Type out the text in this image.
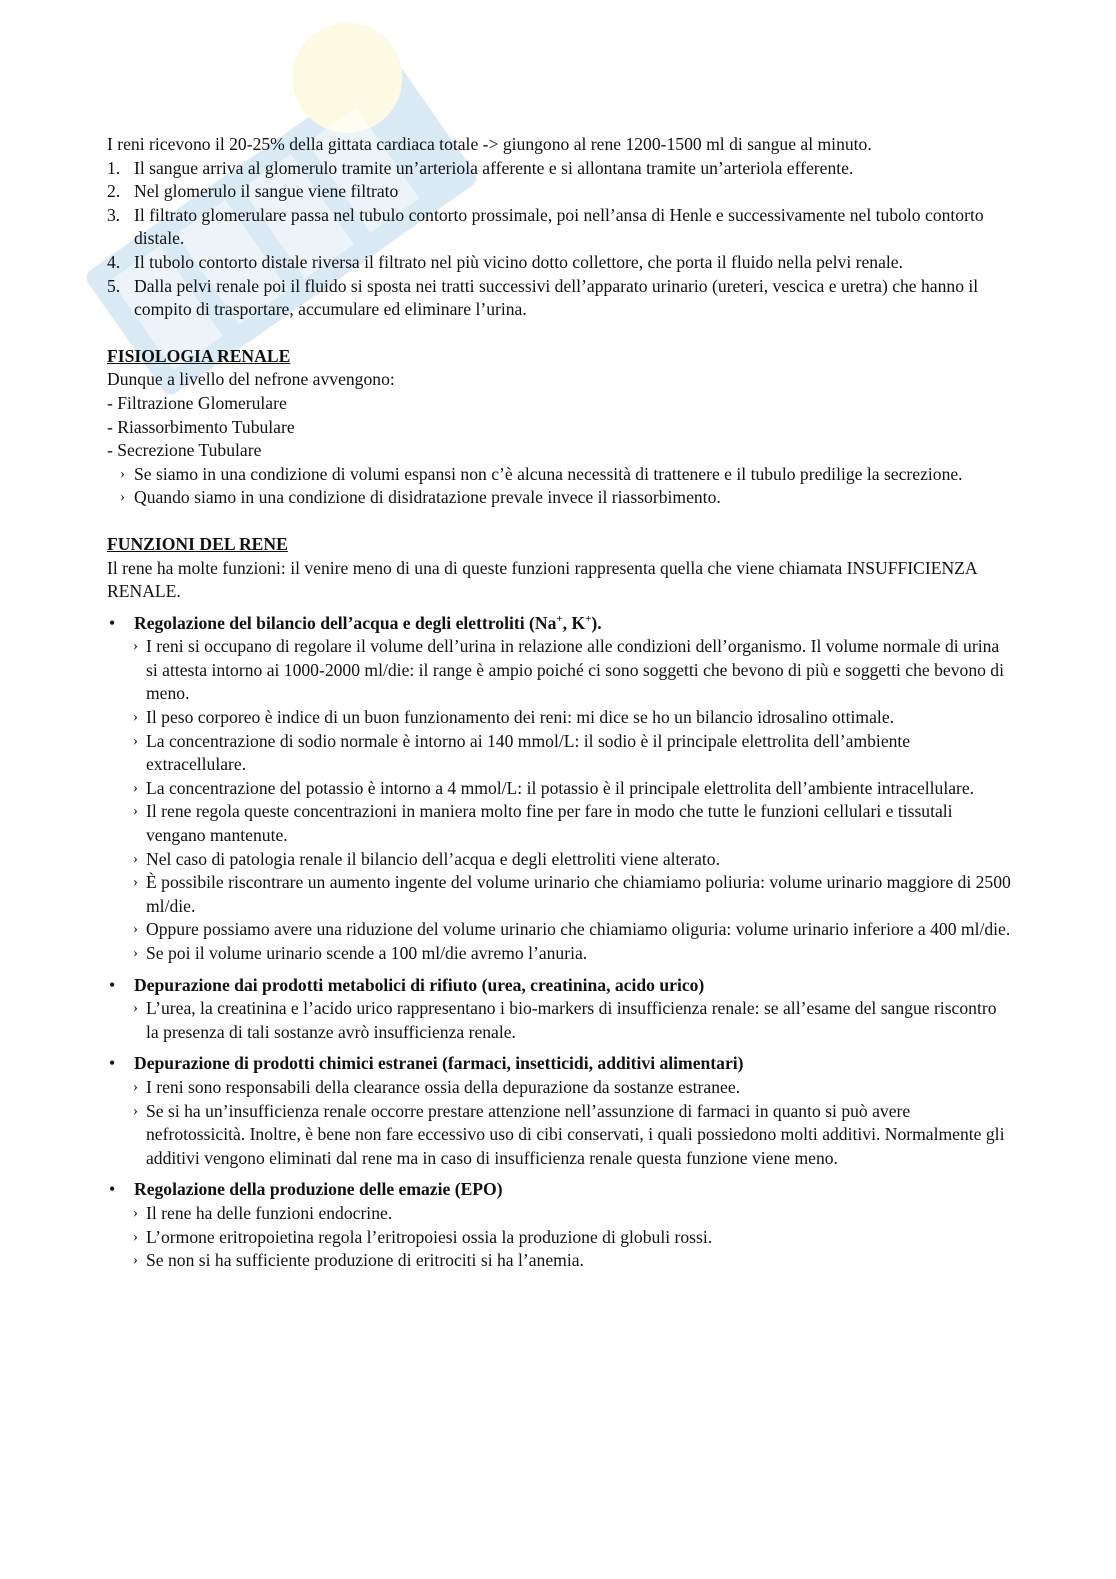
I reni ricevono il 20-25% della gittata cardiaca totale -> giungono al rene 1200-1500 ml di sangue al minuto.

1. Il sangue arriva al glomerulo tramite un’arteriola afferente e si allontana tramite un’arteriola efferente.
2. Nel glomerulo il sangue viene filtrato
3. Il filtrato glomerulare passa nel tubulo contorto prossimale, poi nell’ansa di Henle e successivamente nel tubolo contorto distale.
4. Il tubolo contorto distale riversa il filtrato nel più vicino dotto collettore, che porta il fluido nella pelvi renale.
5. Dalla pelvi renale poi il fluido si sposta nei tratti successivi dell’apparato urinario (ureteri, vescica e uretra) che hanno il compito di trasportare, accumulare ed eliminare l’urina.
FISIOLOGIA RENALE

Dunque a livello del nefrone avvengono:

- Filtrazione Glomerulare
- Riassorbimento Tubulare
- Secrezione Tubulare
› Se siamo in una condizione di volumi espansi non c’è alcuna necessità di trattenere e il tubulo predilige la secrezione.
› Quando siamo in una condizione di disidratazione prevale invece il riassorbimento.
FUNZIONI DEL RENE

Il rene ha molte funzioni: il venire meno di una di queste funzioni rappresenta quella che viene chiamata INSUFFICIENZA RENALE.

• Regolazione del bilancio dell’acqua e degli elettroliti (Na+, K+).
› I reni si occupano di regolare il volume dell’urina in relazione alle condizioni dell’organismo. Il volume normale di urina si attesta intorno ai 1000-2000 ml/die: il range è ampio poiché ci sono soggetti che bevono di più e soggetti che bevono di meno.
› Il peso corporeo è indice di un buon funzionamento dei reni: mi dice se ho un bilancio idrosalino ottimale.
› La concentrazione di sodio normale è intorno ai 140 mmol/L: il sodio è il principale elettrolita dell’ambiente extracellulare.
› La concentrazione del potassio è intorno a 4 mmol/L: il potassio è il principale elettrolita dell’ambiente intracellulare.
› Il rene regola queste concentrazioni in maniera molto fine per fare in modo che tutte le funzioni cellulari e tissutali vengano mantenute.
› Nel caso di patologia renale il bilancio dell’acqua e degli elettroliti viene alterato.
› È possibile riscontrare un aumento ingente del volume urinario che chiamiamo poliuria: volume urinario maggiore di 2500 ml/die.
› Oppure possiamo avere una riduzione del volume urinario che chiamiamo oliguria: volume urinario inferiore a 400 ml/die.
› Se poi il volume urinario scende a 100 ml/die avremo l’anuria.
• Depurazione dai prodotti metabolici di rifiuto (urea, creatinina, acido urico)
› L’urea, la creatinina e l’acido urico rappresentano i bio-markers di insufficienza renale: se all’esame del sangue riscontro la presenza di tali sostanze avrò insufficienza renale.
• Depurazione di prodotti chimici estranei (farmaci, insetticidi, additivi alimentari)
› I reni sono responsabili della clearance ossia della depurazione da sostanze estranee.
› Se si ha un’insufficienza renale occorre prestare attenzione nell’assunzione di farmaci in quanto si può avere nefrotossicità. Inoltre, è bene non fare eccessivo uso di cibi conservati, i quali possiedono molti additivi. Normalmente gli additivi vengono eliminati dal rene ma in caso di insufficienza renale questa funzione viene meno.
• Regolazione della produzione delle emazie (EPO)
› Il rene ha delle funzioni endocrine.
› L’ormone eritropoietina regola l’eritropoiesi ossia la produzione di globuli rossi.
› Se non si ha sufficiente produzione di eritrociti si ha l’anemia.
